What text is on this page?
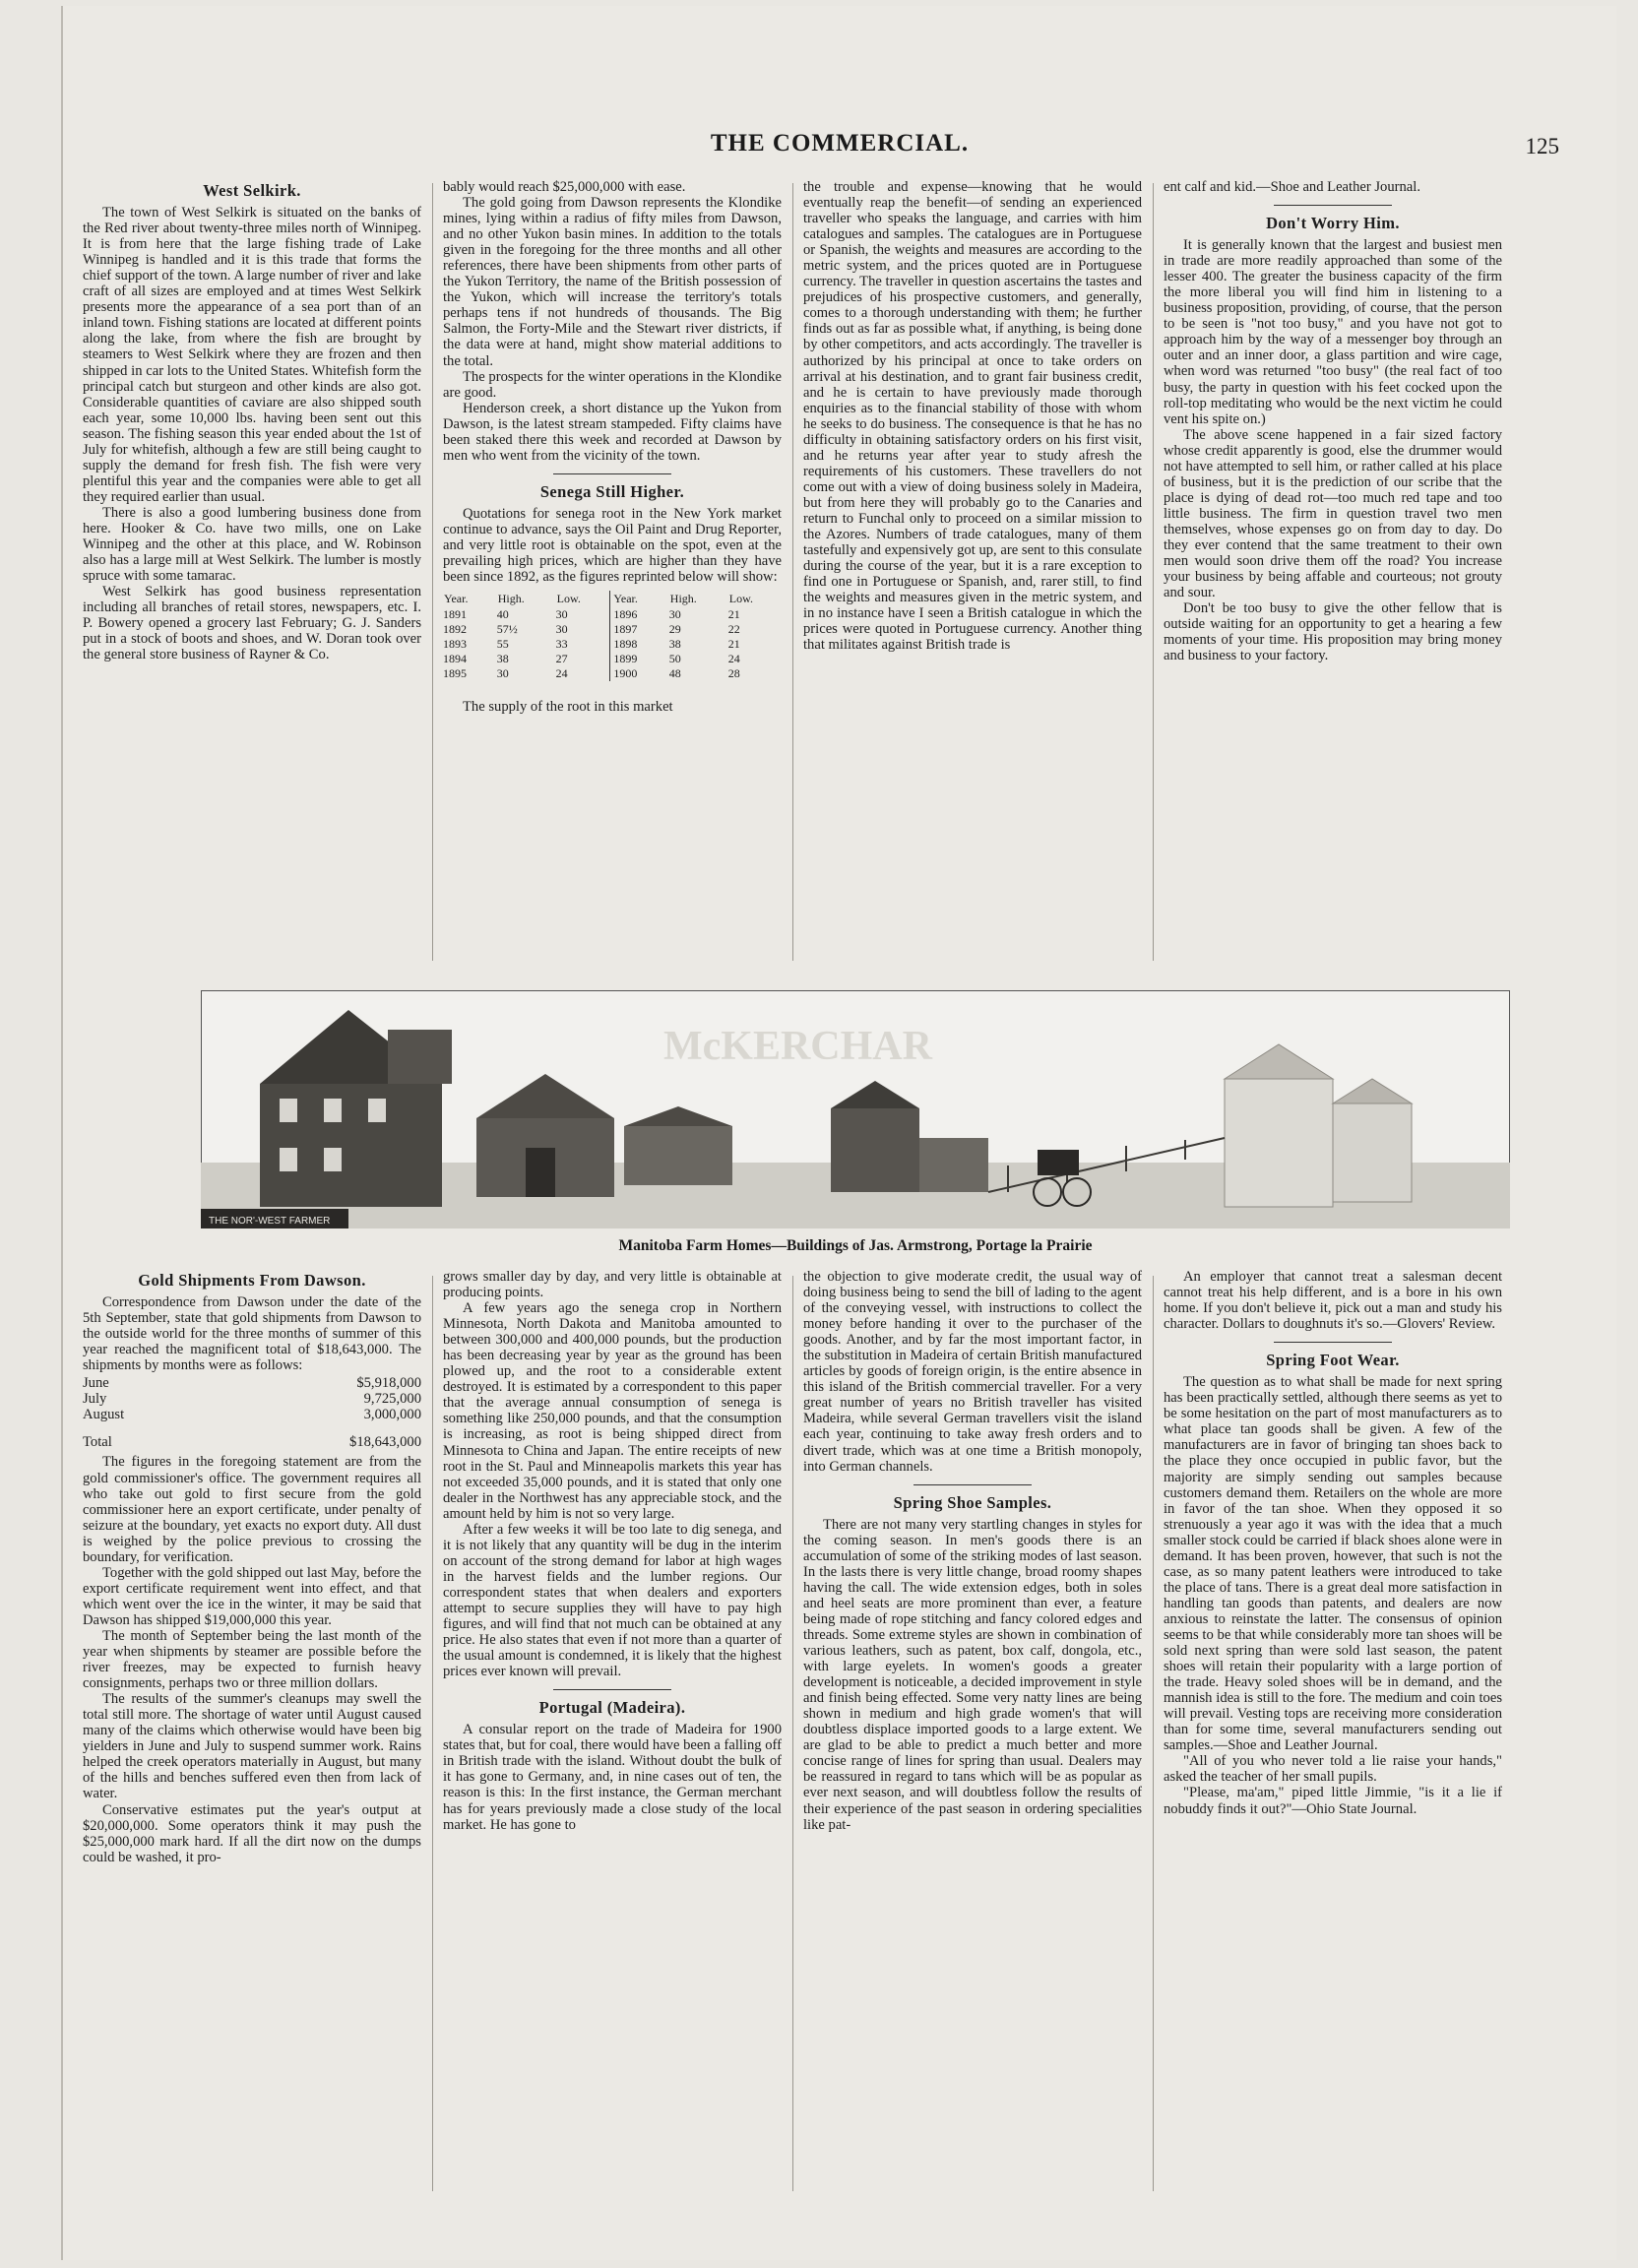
THE COMMERCIAL.	125
West Selkirk.

The town of West Selkirk is situated on the banks of the Red river about twenty-three miles north of Winnipeg. It is from here that the large fishing trade of Lake Winnipeg is handled and it is this trade that forms the chief support of the town. A large number of river and lake craft of all sizes are employed and at times West Selkirk presents more the appearance of a sea port than of an inland town. Fishing stations are located at different points along the lake, from where the fish are brought by steamers to West Selkirk where they are frozen and then shipped in car lots to the United States. Whitefish form the principal catch but sturgeon and other kinds are also got. Considerable quantities of caviare are also shipped south each year, some 10,000 lbs. having been sent out this season. The fishing season this year ended about the 1st of July for whitefish, although a few are still being caught to supply the demand for fresh fish. The fish were very plentiful this year and the companies were able to get all they required earlier than usual.

There is also a good lumbering business done from here. Hooker & Co. have two mills, one on Lake Winnipeg and the other at this place, and W. Robinson also has a large mill at West Selkirk. The lumber is mostly spruce with some tamarac.

West Selkirk has good business representation including all branches of retail stores, newspapers, etc. I. P. Bowery opened a grocery last February; G. J. Sanders put in a stock of boots and shoes, and W. Doran took over the general store business of Rayner & Co.

bably would reach $25,000,000 with ease.

The gold going from Dawson represents the Klondike mines, lying within a radius of fifty miles from Dawson, and no other Yukon basin mines. In addition to the totals given in the foregoing for the three months and all other references, there have been shipments from other parts of the Yukon Territory, the name of the British possession of the Yukon, which will increase the territory's totals perhaps tens if not hundreds of thousands. The Big Salmon, the Forty-Mile and the Stewart river districts, if the data were at hand, might show material additions to the total.

The prospects for the winter operations in the Klondike are good.

Henderson creek, a short distance up the Yukon from Dawson, is the latest stream stampeded. Fifty claims have been staked there this week and recorded at Dawson by men who went from the vicinity of the town.

Senega Still Higher.

Quotations for senega root in the New York market continue to advance, says the Oil Paint and Drug Reporter, and very little root is obtainable on the spot, even at the prevailing high prices, which are higher than they have been since 1892, as the figures reprinted below will show:

Year.	High.	Low.	Year.	High.	Low.
1891	40	30	1896	30	21
1892	57½	30	1897	29	22
1893	55	33	1898	38	21
1894	38	27	1899	50	24
1895	30	24	1900	48	28

The supply of the root in this market

the trouble and expense—knowing that he would eventually reap the benefit—of sending an experienced traveller who speaks the language, and carries with him catalogues and samples. The catalogues are in Portuguese or Spanish, the weights and measures are according to the metric system, and the prices quoted are in Portuguese currency. The traveller in question ascertains the tastes and prejudices of his prospective customers, and generally, comes to a thorough understanding with them; he further finds out as far as possible what, if anything, is being done by other competitors, and acts accordingly. The traveller is authorized by his principal at once to take orders on arrival at his destination, and to grant fair business credit, and he is certain to have previously made thorough enquiries as to the financial stability of those with whom he seeks to do business. The consequence is that he has no difficulty in obtaining satisfactory orders on his first visit, and he returns year after year to study afresh the requirements of his customers. These travellers do not come out with a view of doing business solely in Madeira, but from here they will probably go to the Canaries and return to Funchal only to proceed on a similar mission to the Azores. Numbers of trade catalogues, many of them tastefully and expensively got up, are sent to this consulate during the course of the year, but it is a rare exception to find one in Portuguese or Spanish, and, rarer still, to find the weights and measures given in the metric system, and in no instance have I seen a British catalogue in which the prices were quoted in Portuguese currency. Another thing that militates against British trade is

ent calf and kid.—Shoe and Leather Journal.

Don't Worry Him.

It is generally known that the largest and busiest men in trade are more readily approached than some of the lesser 400. The greater the business capacity of the firm the more liberal you will find him in listening to a business proposition, providing, of course, that the person to be seen is "not too busy," and you have not got to approach him by the way of a messenger boy through an outer and an inner door, a glass partition and wire cage, when word was returned "too busy" (the real fact of too busy, the party in question with his feet cocked upon the roll-top meditating who would be the next victim he could vent his spite on.)

The above scene happened in a fair sized factory whose credit apparently is good, else the drummer would not have attempted to sell him, or rather called at his place of business, but it is the prediction of our scribe that the place is dying of dead rot—too much red tape and too little business. The firm in question travel two men themselves, whose expenses go on from day to day. Do they ever contend that the same treatment to their own men would soon drive them off the road? You increase your business by being affable and courteous; not grouty and sour.

Don't be too busy to give the other fellow that is outside waiting for an opportunity to get a hearing a few moments of your time. His proposition may bring money and business to your factory.

McKERCHAR
THE NOR'-WEST FARMER
Manitoba Farm Homes—Buildings of Jas. Armstrong, Portage la Prairie
Gold Shipments From Dawson.

Correspondence from Dawson under the date of the 5th September, state that gold shipments from Dawson to the outside world for the three months of summer of this year reached the magnificent total of $18,643,000. The shipments by months were as follows:

June	$5,918,000
July	9,725,000
August	3,000,000
Total	$18,643,000

The figures in the foregoing statement are from the gold commissioner's office. The government requires all who take out gold to first secure from the gold commissioner here an export certificate, under penalty of seizure at the boundary, yet exacts no export duty. All dust is weighed by the police previous to crossing the boundary, for verification.

Together with the gold shipped out last May, before the export certificate requirement went into effect, and that which went over the ice in the winter, it may be said that Dawson has shipped $19,000,000 this year.

The month of September being the last month of the year when shipments by steamer are possible before the river freezes, may be expected to furnish heavy consignments, perhaps two or three million dollars.

The results of the summer's cleanups may swell the total still more. The shortage of water until August caused many of the claims which otherwise would have been big yielders in June and July to suspend summer work. Rains helped the creek operators materially in August, but many of the hills and benches suffered even then from lack of water.

Conservative estimates put the year's output at $20,000,000. Some operators think it may push the $25,000,000 mark hard. If all the dirt now on the dumps could be washed, it pro-

grows smaller day by day, and very little is obtainable at producing points.

A few years ago the senega crop in Northern Minnesota, North Dakota and Manitoba amounted to between 300,000 and 400,000 pounds, but the production has been decreasing year by year as the ground has been plowed up, and the root to a considerable extent destroyed. It is estimated by a correspondent to this paper that the average annual consumption of senega is something like 250,000 pounds, and that the consumption is increasing, as root is being shipped direct from Minnesota to China and Japan. The entire receipts of new root in the St. Paul and Minneapolis markets this year has not exceeded 35,000 pounds, and it is stated that only one dealer in the Northwest has any appreciable stock, and the amount held by him is not so very large.

After a few weeks it will be too late to dig senega, and it is not likely that any quantity will be dug in the interim on account of the strong demand for labor at high wages in the harvest fields and the lumber regions. Our correspondent states that when dealers and exporters attempt to secure supplies they will have to pay high figures, and will find that not much can be obtained at any price. He also states that even if not more than a quarter of the usual amount is condemned, it is likely that the highest prices ever known will prevail.

Portugal (Madeira).

A consular report on the trade of Madeira for 1900 states that, but for coal, there would have been a falling off in British trade with the island. Without doubt the bulk of it has gone to Germany, and, in nine cases out of ten, the reason is this: In the first instance, the German merchant has for years previously made a close study of the local market. He has gone to

the objection to give moderate credit, the usual way of doing business being to send the bill of lading to the agent of the conveying vessel, with instructions to collect the money before handing it over to the purchaser of the goods. Another, and by far the most important factor, in the substitution in Madeira of certain British manufactured articles by goods of foreign origin, is the entire absence in this island of the British commercial traveller. For a very great number of years no British traveller has visited Madeira, while several German travellers visit the island each year, continuing to take away fresh orders and to divert trade, which was at one time a British monopoly, into German channels.

Spring Shoe Samples.

There are not many very startling changes in styles for the coming season. In men's goods there is an accumulation of some of the striking modes of last season. In the lasts there is very little change, broad roomy shapes having the call. The wide extension edges, both in soles and heel seats are more prominent than ever, a feature being made of rope stitching and fancy colored edges and threads. Some extreme styles are shown in combination of various leathers, such as patent, box calf, dongola, etc., with large eyelets. In women's goods a greater development is noticeable, a decided improvement in style and finish being effected. Some very natty lines are being shown in medium and high grade women's that will doubtless displace imported goods to a large extent. We are glad to be able to predict a much better and more concise range of lines for spring than usual. Dealers may be reassured in regard to tans which will be as popular as ever next season, and will doubtless follow the results of their experience of the past season in ordering specialities like pat-

An employer that cannot treat a salesman decent cannot treat his help different, and is a bore in his own home. If you don't believe it, pick out a man and study his character. Dollars to doughnuts it's so.—Glovers' Review.

Spring Foot Wear.

The question as to what shall be made for next spring has been practically settled, although there seems as yet to be some hesitation on the part of most manufacturers as to what place tan goods shall be given. A few of the manufacturers are in favor of bringing tan shoes back to the place they once occupied in public favor, but the majority are simply sending out samples because customers demand them. Retailers on the whole are more in favor of the tan shoe. When they opposed it so strenuously a year ago it was with the idea that a much smaller stock could be carried if black shoes alone were in demand. It has been proven, however, that such is not the case, as so many patent leathers were introduced to take the place of tans. There is a great deal more satisfaction in handling tan goods than patents, and dealers are now anxious to reinstate the latter. The consensus of opinion seems to be that while considerably more tan shoes will be sold next spring than were sold last season, the patent shoes will retain their popularity with a large portion of the trade. Heavy soled shoes will be in demand, and the mannish idea is still to the fore. The medium and coin toes will prevail. Vesting tops are receiving more consideration than for some time, several manufacturers sending out samples.—Shoe and Leather Journal.

"All of you who never told a lie raise your hands," asked the teacher of her small pupils.

"Please, ma'am," piped little Jimmie, "is it a lie if nobuddy finds it out?"—Ohio State Journal.
